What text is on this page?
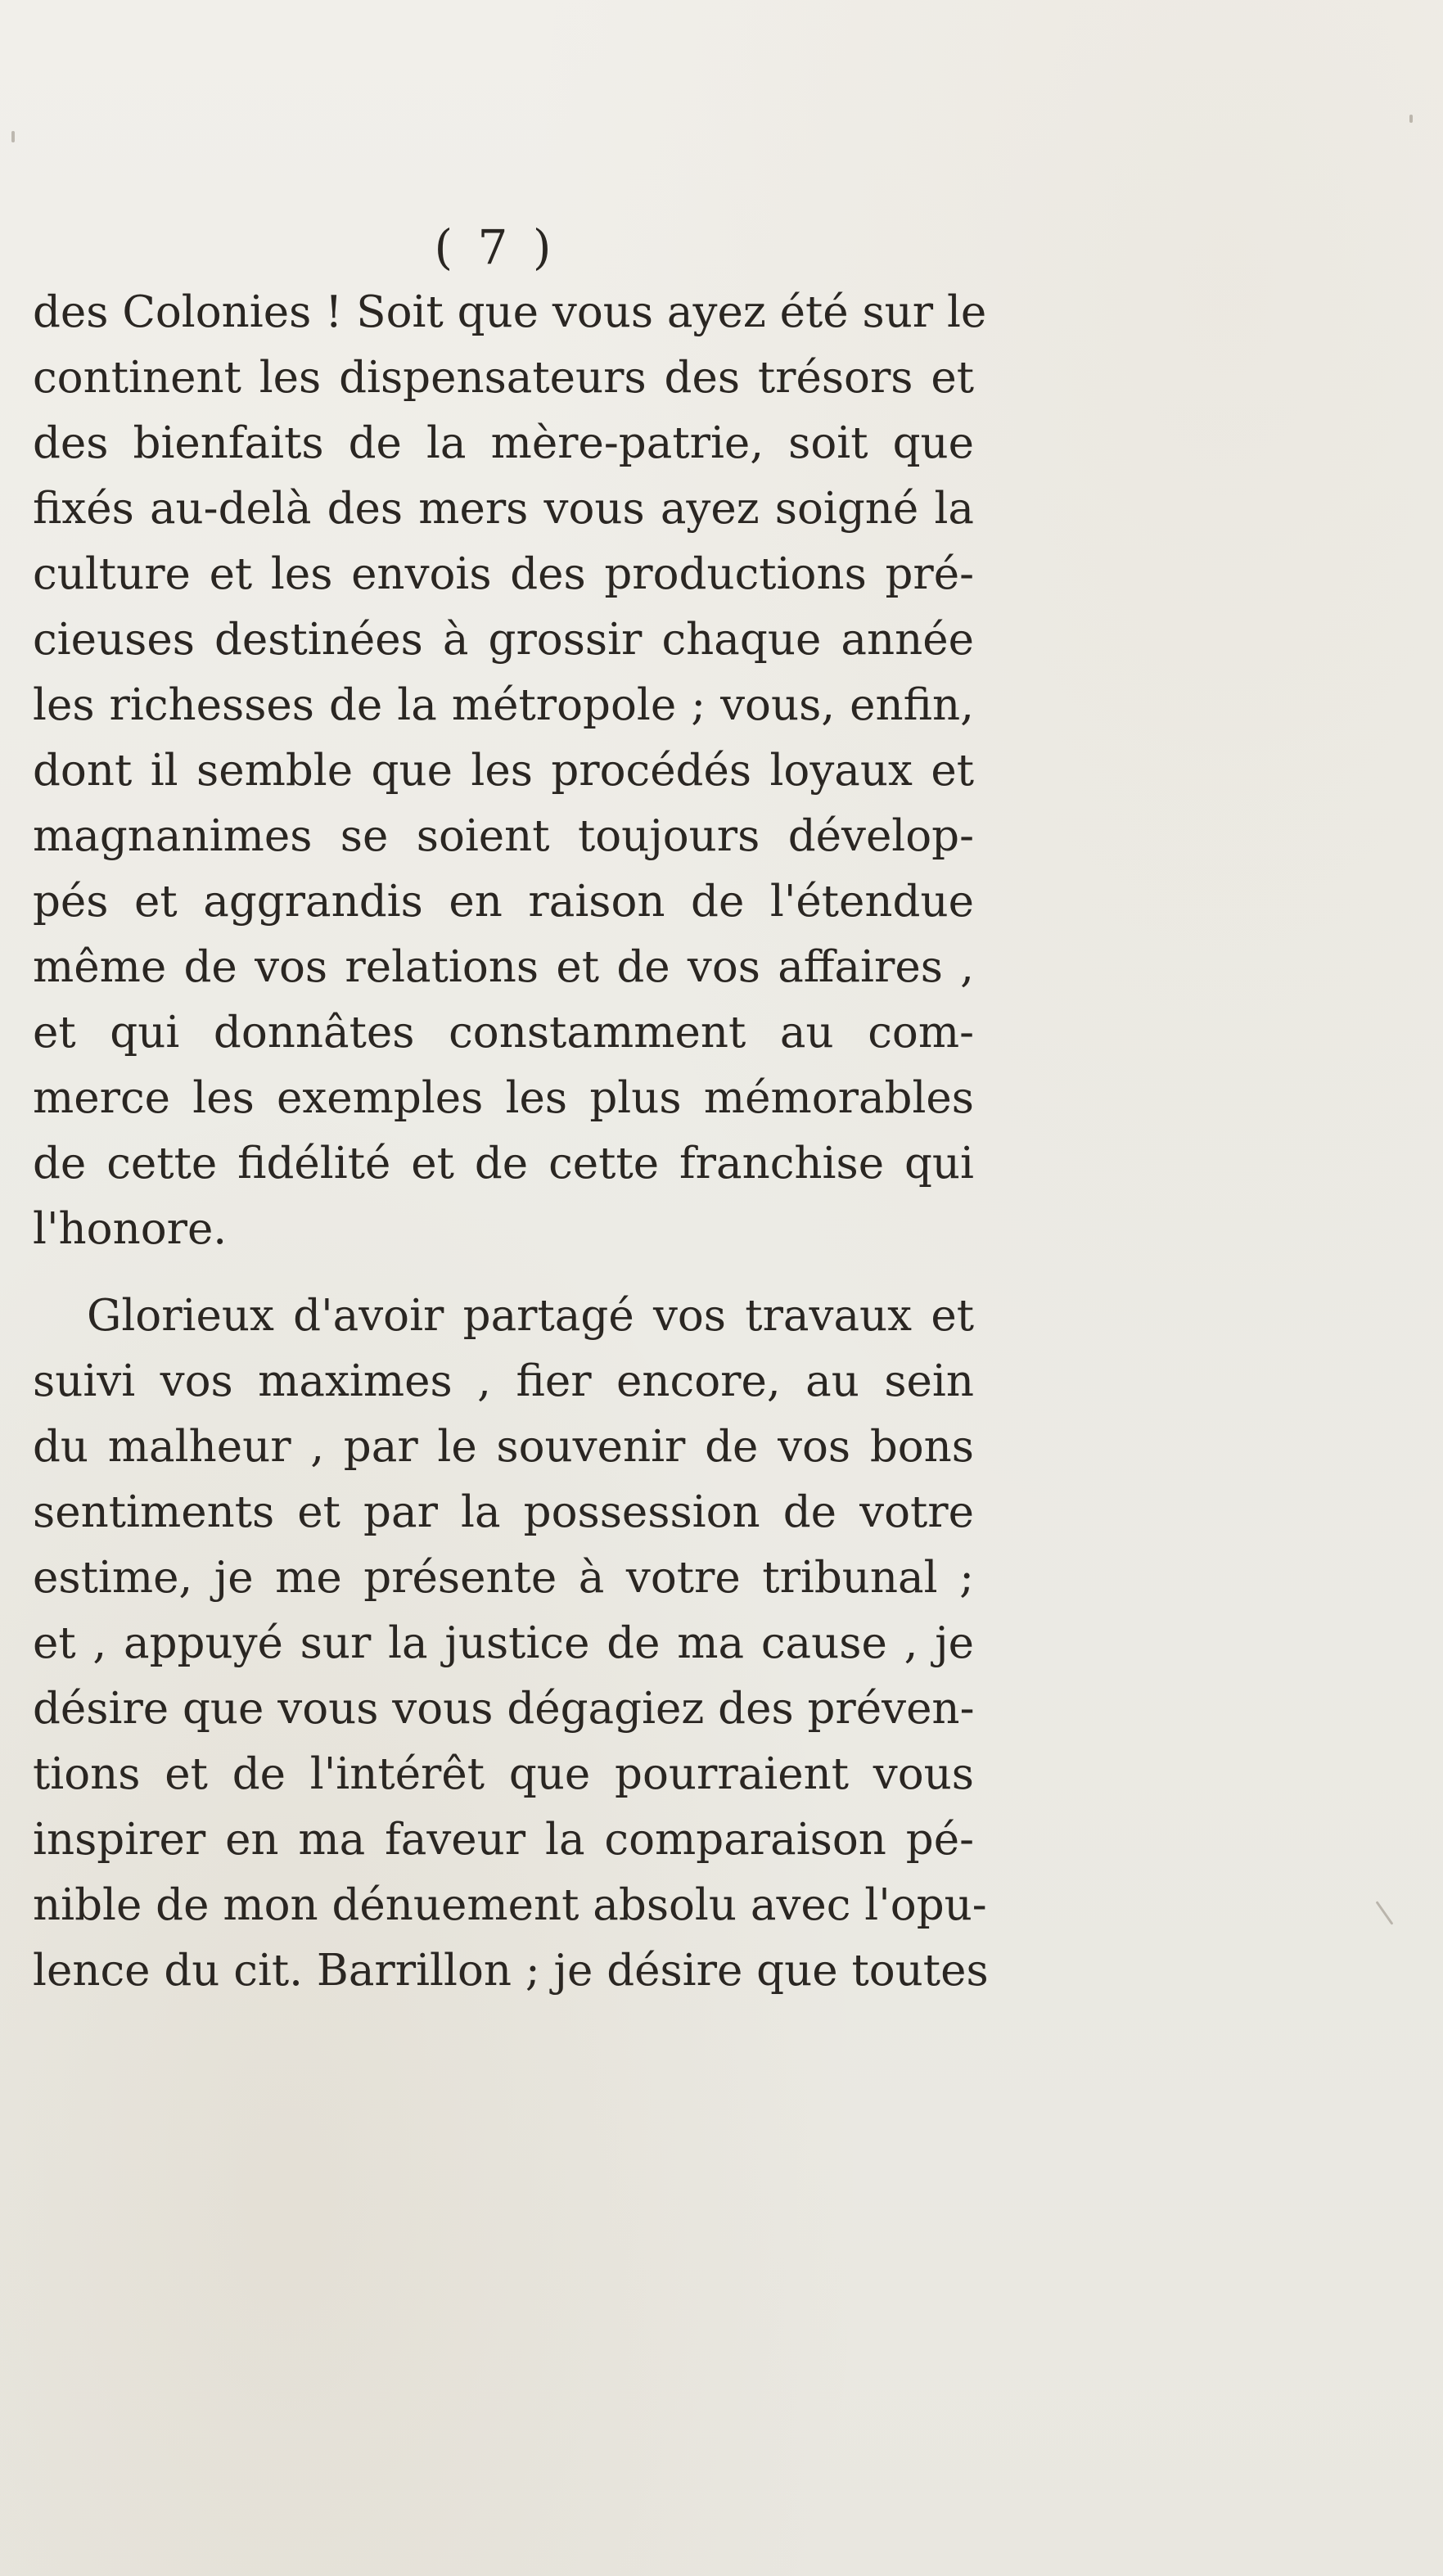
( 7 )
des Colonies ! Soit que vous ayez été sur le
continent les dispensateurs des trésors et
des bienfaits de la mère-patrie, soit que
fixés au-delà des mers vous ayez soigné la
culture et les envois des productions pré-
cieuses destinées à grossir chaque année
les richesses de la métropole ; vous, enfin,
dont il semble que les procédés loyaux et
magnanimes se soient toujours dévelop-
pés et aggrandis en raison de l'étendue
même de vos relations et de vos affaires ,
et qui donnâtes constamment au com-
merce les exemples les plus mémorables
de cette fidélité et de cette franchise qui
l'honore.
Glorieux d'avoir partagé vos travaux et
suivi vos maximes , fier encore, au sein
du malheur , par le souvenir de vos bons
sentiments et par la possession de votre
estime, je me présente à votre tribunal ;
et , appuyé sur la justice de ma cause , je
désire que vous vous dégagiez des préven-
tions et de l'intérêt que pourraient vous
inspirer en ma faveur la comparaison pé-
nible de mon dénuement absolu avec l'opu-
lence du cit. Barrillon ; je désire que toutes
